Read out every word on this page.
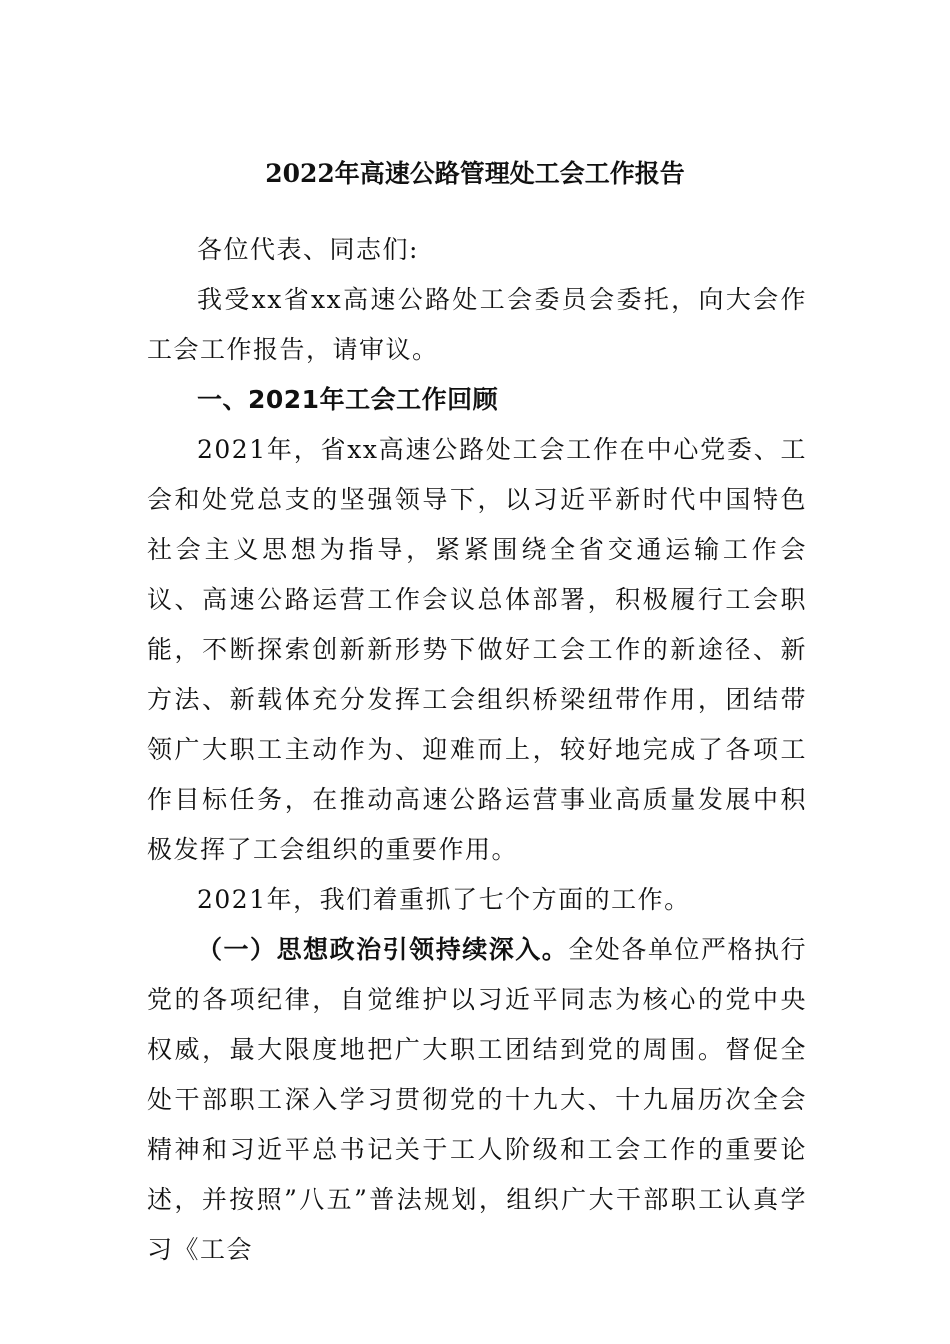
2022年高速公路管理处工会工作报告

各位代表、同志们:

我受xx省xx高速公路处工会委员会委托，向大会作工会工作报告，请审议。

一、2021年工会工作回顾

2021年，省xx高速公路处工会工作在中心党委、工会和处党总支的坚强领导下，以习近平新时代中国特色社会主义思想为指导，紧紧围绕全省交通运输工作会议、高速公路运营工作会议总体部署，积极履行工会职能，不断探索创新新形势下做好工会工作的新途径、新方法、新载体充分发挥工会组织桥梁纽带作用，团结带领广大职工主动作为、迎难而上，较好地完成了各项工作目标任务，在推动高速公路运营事业高质量发展中积极发挥了工会组织的重要作用。

2021年，我们着重抓了七个方面的工作。

（一）思想政治引领持续深入。全处各单位严格执行党的各项纪律，自觉维护以习近平同志为核心的党中央权威，最大限度地把广大职工团结到党的周围。督促全处干部职工深入学习贯彻党的十九大、十九届历次全会精神和习近平总书记关于工人阶级和工会工作的重要论述，并按照”八五”普法规划，组织广大干部职工认真学习《工会
